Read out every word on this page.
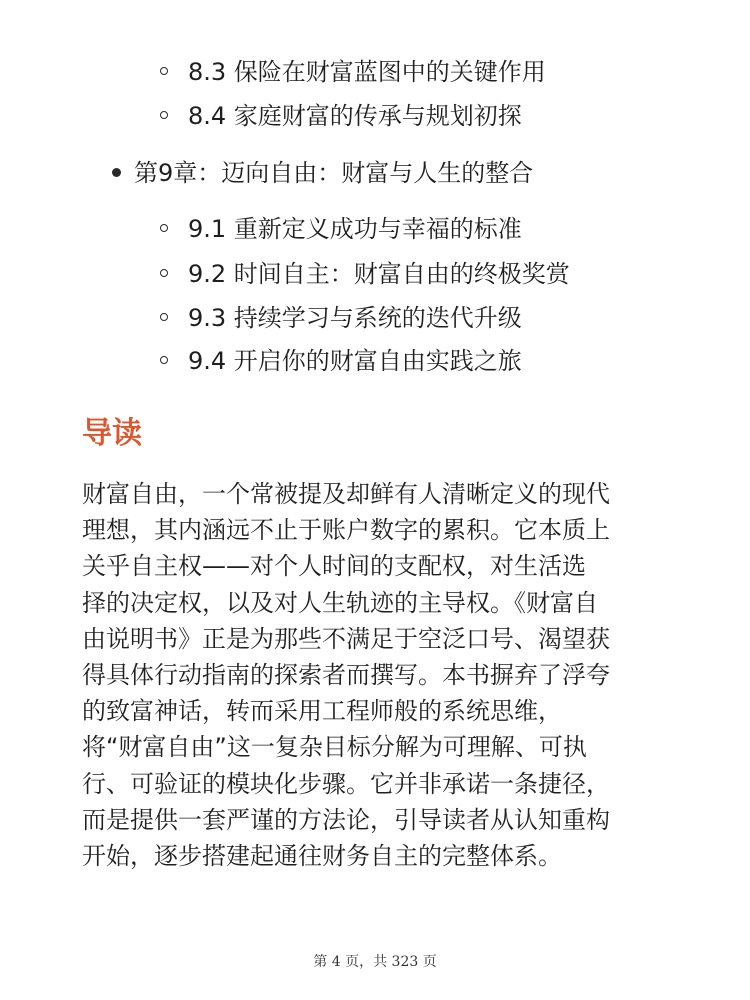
8.3 保险在财富蓝图中的关键作用
8.4 家庭财富的传承与规划初探
第9章：迈向自由：财富与人生的整合
9.1 重新定义成功与幸福的标准
9.2 时间自主：财富自由的终极奖赏
9.3 持续学习与系统的迭代升级
9.4 开启你的财富自由实践之旅
导读

财富自由，一个常被提及却鲜有人清晰定义的现代
理想，其内涵远不止于账户数字的累积。它本质上
关乎自主权——对个人时间的支配权，对生活选
择的决定权，以及对人生轨迹的主导权。《财富自
由说明书》正是为那些不满足于空泛口号、渴望获
得具体行动指南的探索者而撰写。本书摒弃了浮夸
的致富神话，转而采用工程师般的系统思维，
将“财富自由”这一复杂目标分解为可理解、可执
行、可验证的模块化步骤。它并非承诺一条捷径，
而是提供一套严谨的方法论，引导读者从认知重构
开始，逐步搭建起通往财务自主的完整体系。

第 4 页，共 323 页
